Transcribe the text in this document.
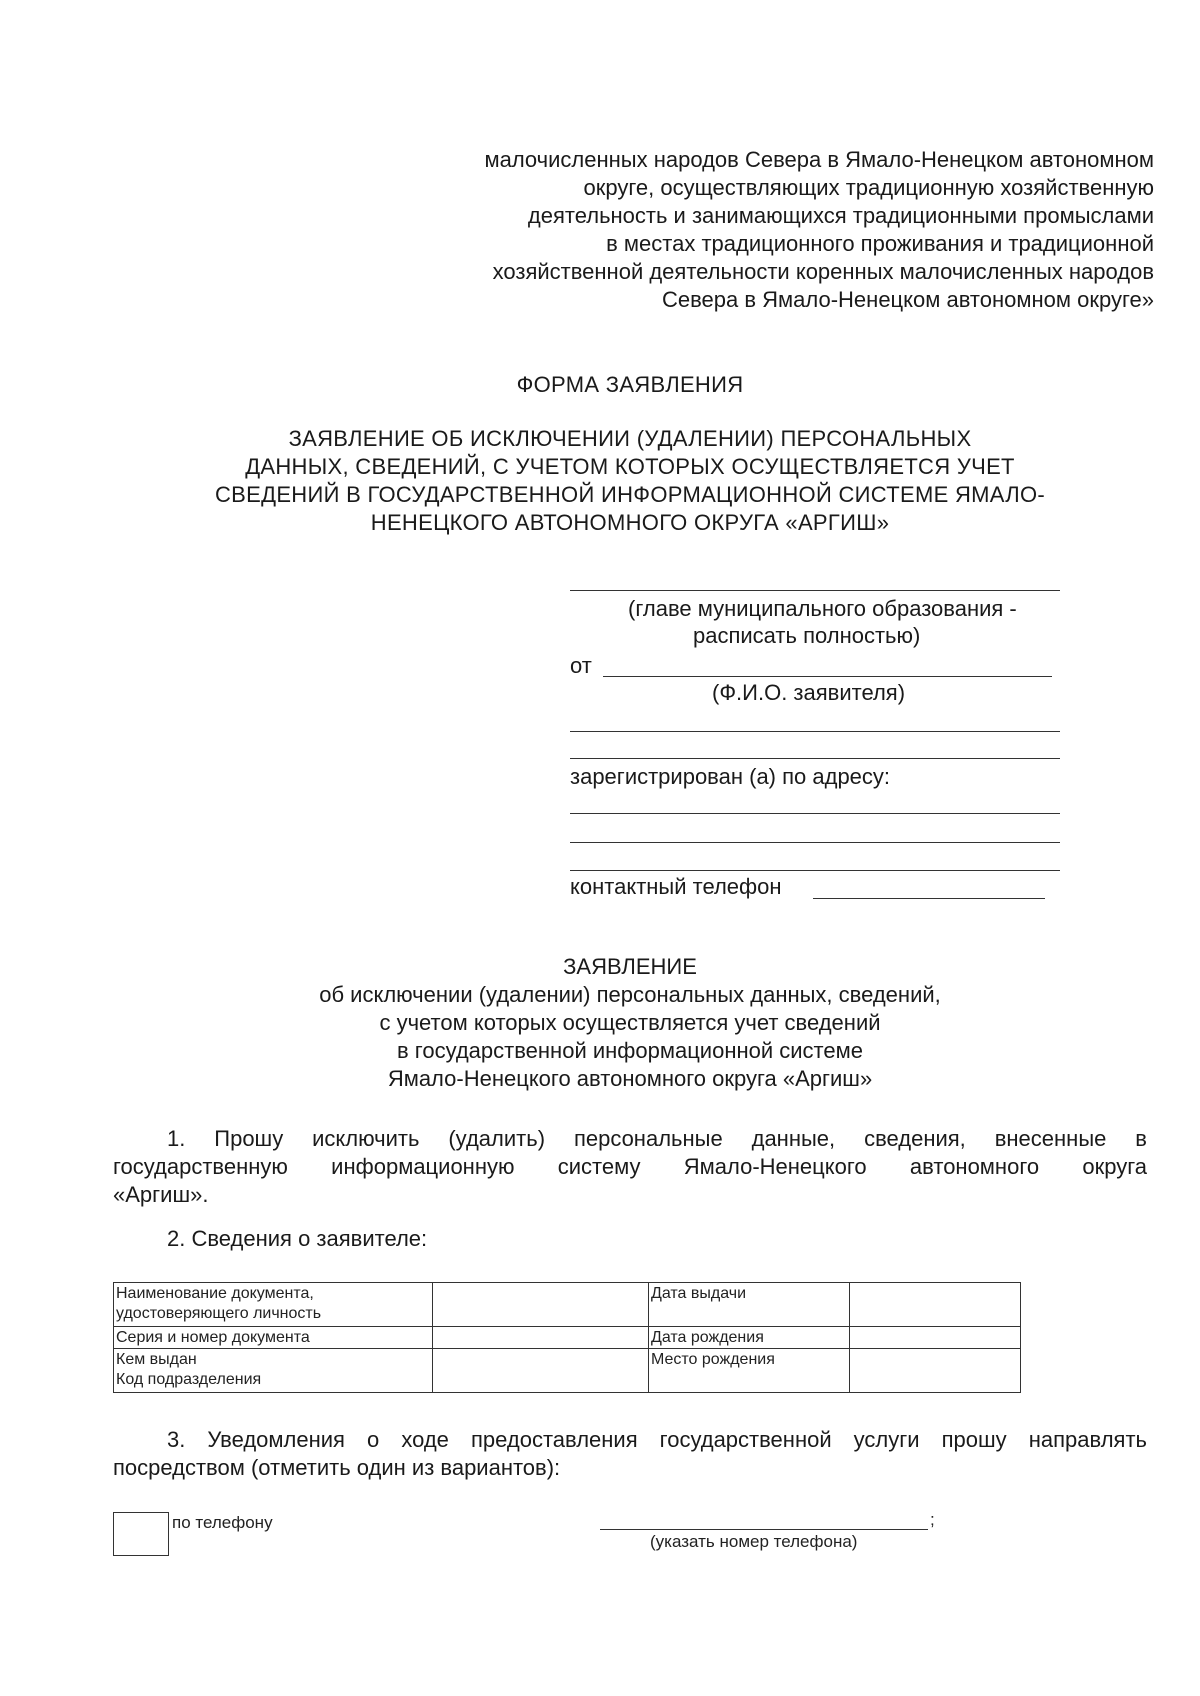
малочисленных народов Севера в Ямало-Ненецком автономном
округе, осуществляющих традиционную хозяйственную
деятельность и занимающихся традиционными промыслами
в местах традиционного проживания и традиционной
хозяйственной деятельности коренных малочисленных народов
Севера в Ямало-Ненецком автономном округе»
ФОРМА ЗАЯВЛЕНИЯ
ЗАЯВЛЕНИЕ ОБ ИСКЛЮЧЕНИИ (УДАЛЕНИИ) ПЕРСОНАЛЬНЫХ
ДАННЫХ, СВЕДЕНИЙ, С УЧЕТОМ КОТОРЫХ ОСУЩЕСТВЛЯЕТСЯ УЧЕТ
СВЕДЕНИЙ В ГОСУДАРСТВЕННОЙ ИНФОРМАЦИОННОЙ СИСТЕМЕ ЯМАЛО-
НЕНЕЦКОГО АВТОНОМНОГО ОКРУГА «АРГИШ»
(главе муниципального образования -
расписать полностью)
от
(Ф.И.О. заявителя)
зарегистрирован (а) по адресу:
контактный телефон
ЗАЯВЛЕНИЕ
об исключении (удалении) персональных данных, сведений,
с учетом которых осуществляется учет сведений
в государственной информационной системе
Ямало-Ненецкого автономного округа «Аргиш»
1. Прошу исключить (удалить) персональные данные, сведения, внесенные в
государственную информационную систему Ямало-Ненецкого автономного округа
«Аргиш».
2. Сведения о заявителе:
Наименование документа,
удостоверяющего личность		Дата выдачи	
Серия и номер документа		Дата рождения	

Кем выдан
Код подразделения		Место рождения	
3. Уведомления о ходе предоставления государственной услуги прошу направлять
посредством (отметить один из вариантов):
по телефону	;
(указать номер телефона)
